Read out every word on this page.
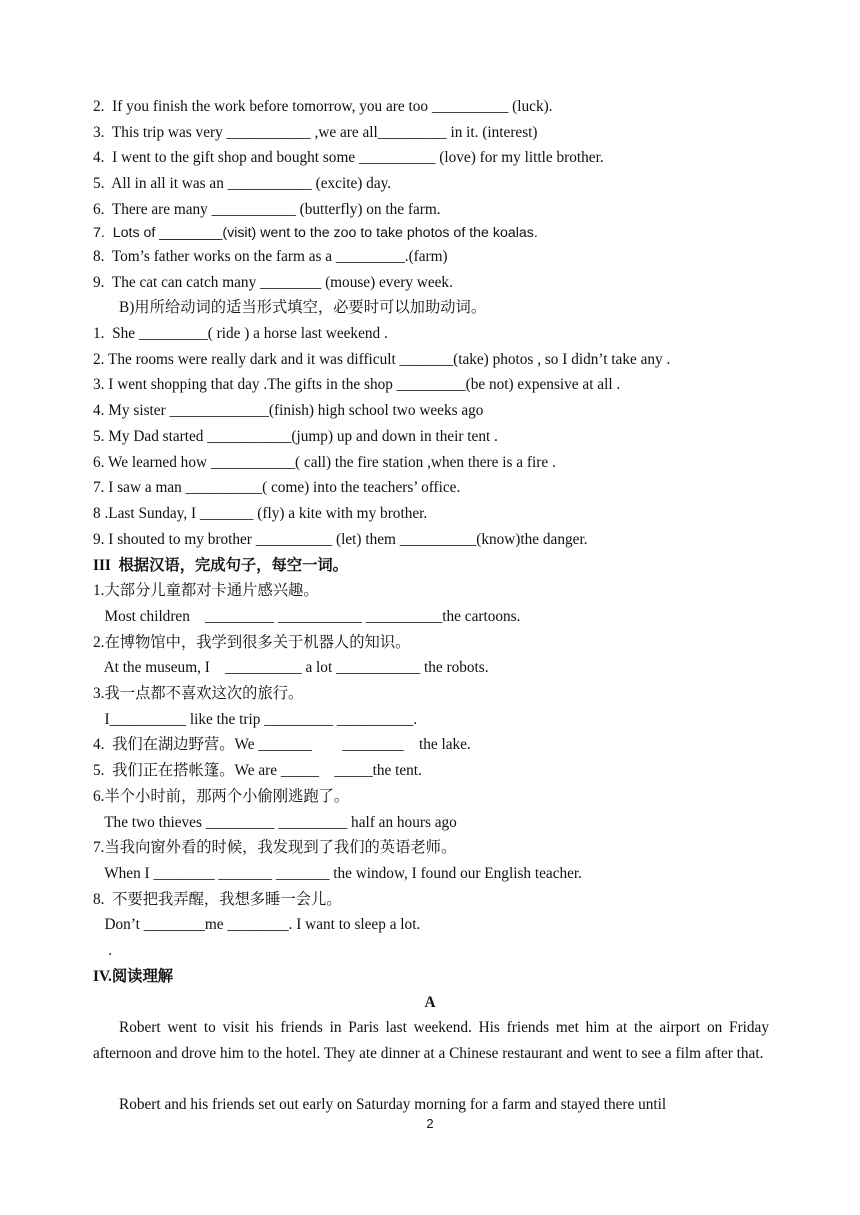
2.  If you finish the work before tomorrow, you are too __________ (luck).
3.  This trip was very ___________ ,we are all_________ in it. (interest)
4.  I went to the gift shop and bought some __________ (love) for my little brother.
5.  All in all it was an ___________ (excite) day.
6.  There are many ___________ (butterfly) on the farm.
7.  Lots of ________(visit) went to the zoo to take photos of the koalas.
8.  Tom’s father works on the farm as a _________.(farm)
9.  The cat can catch many ________ (mouse) every week.
B)用所给动词的适当形式填空，必要时可以加助动词。
1.  She _________( ride ) a horse last weekend .
2. The rooms were really dark and it was difficult _______(take) photos , so I didn’t take any .
3. I went shopping that day .The gifts in the shop _________(be not) expensive at all .
4. My sister _____________(finish) high school two weeks ago
5. My Dad started ___________(jump) up and down in their tent .
6. We learned how ___________( call) the fire station ,when there is a fire .
7. I saw a man __________( come) into the teachers’ office.
8 .Last Sunday, I _______ (fly) a kite with my brother.
9. I shouted to my brother __________ (let) them __________(know)the danger.
III  根据汉语，完成句子，每空一词。
1.大部分儿童都对卡通片感兴趣。
Most children    _________ ___________ __________the cartoons.
2.在博物馆中，我学到很多关于机器人的知识。
At the museum, I    __________ a lot ___________ the robots.
3.我一点都不喜欢这次的旅行。
I__________ like the trip _________ __________.
4.  我们在湖边野营。We _______        ________    the lake.
5.  我们正在搭帐篷。We are _____    _____the tent.
6.半个小时前，那两个小偷刚逃跑了。
The two thieves _________ _________ half an hours ago
7.当我向窗外看的时候，我发现到了我们的英语老师。
When I ________ _______ _______ the window, I found our English teacher.
8.  不要把我弄醒，我想多睡一会儿。
Don’t ________me ________. I want to sleep a lot.
.
IV.阅读理解
A
Robert went to visit his friends in Paris last weekend. His friends met him at the airport on Friday afternoon and drove him to the hotel. They ate dinner at a Chinese restaurant and went to see a film after that.
Robert and his friends set out early on Saturday morning for a farm and stayed there until
2
